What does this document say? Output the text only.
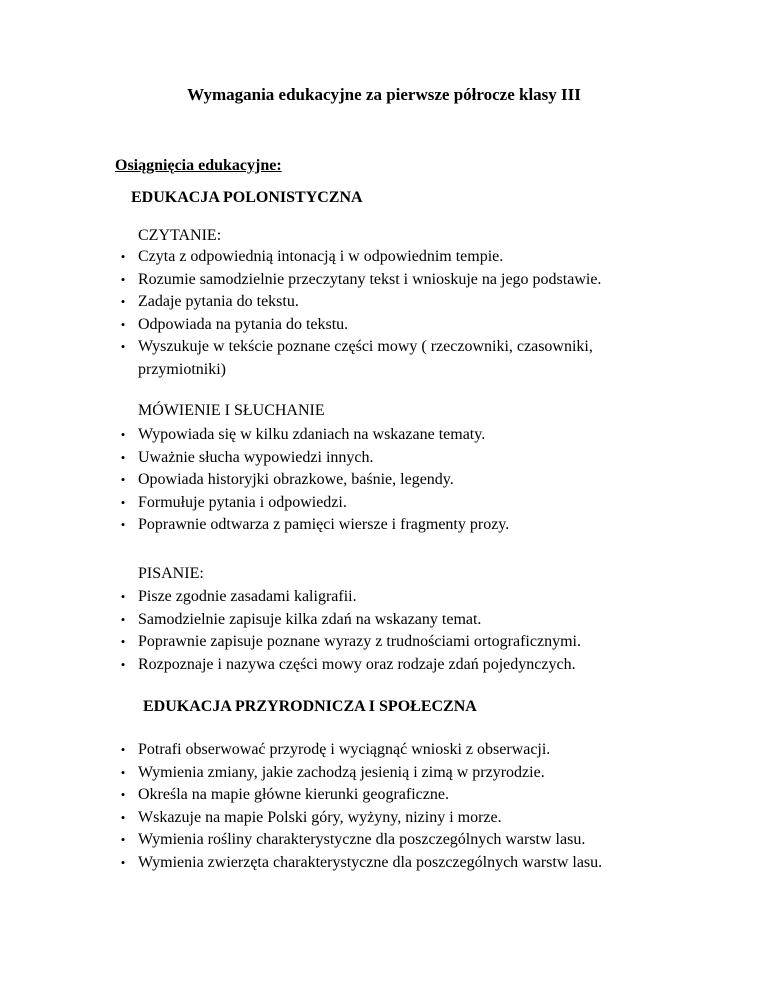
Wymagania edukacyjne za pierwsze półrocze klasy III
Osiągnięcia edukacyjne:
EDUKACJA POLONISTYCZNA
CZYTANIE:
• Czyta z odpowiednią intonacją i w odpowiednim tempie.
• Rozumie samodzielnie przeczytany tekst i wnioskuje na jego podstawie.
• Zadaje pytania do tekstu.
• Odpowiada na pytania do tekstu.
• Wyszukuje w tekście poznane części mowy ( rzeczowniki, czasowniki, przymiotniki)
MÓWIENIE I SŁUCHANIE
• Wypowiada się w kilku zdaniach na wskazane tematy.
• Uważnie słucha wypowiedzi innych.
• Opowiada historyjki obrazkowe, baśnie, legendy.
• Formułuje pytania i odpowiedzi.
• Poprawnie odtwarza z pamięci wiersze i fragmenty prozy.
PISANIE:
• Pisze zgodnie zasadami kaligrafii.
• Samodzielnie zapisuje kilka zdań na wskazany temat.
• Poprawnie zapisuje poznane wyrazy z trudnościami ortograficznymi.
• Rozpoznaje i nazywa części mowy oraz rodzaje zdań pojedynczych.
EDUKACJA PRZYRODNICZA I SPOŁECZNA
• Potrafi obserwować przyrodę i wyciągnąć wnioski z obserwacji.
• Wymienia zmiany, jakie zachodzą jesienią i zimą w przyrodzie.
• Określa na mapie główne kierunki geograficzne.
• Wskazuje na mapie Polski góry, wyżyny, niziny i morze.
• Wymienia rośliny charakterystyczne dla poszczególnych warstw lasu.
• Wymienia zwierzęta charakterystyczne dla poszczególnych warstw lasu.
